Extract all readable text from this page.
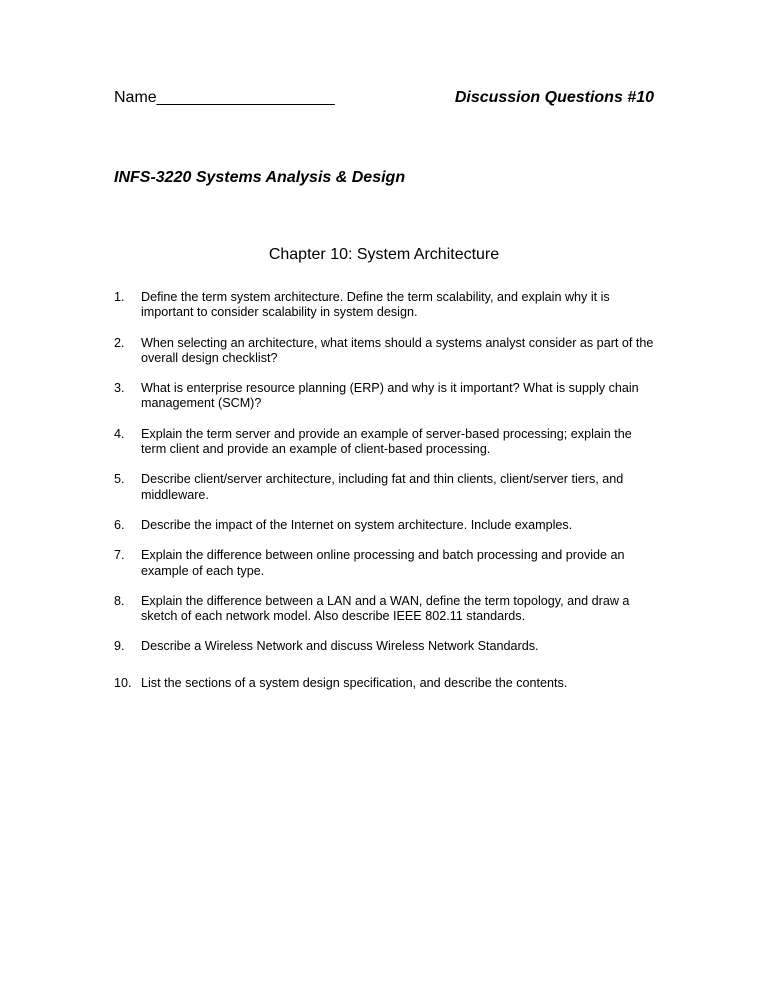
Name____________________	Discussion Questions #10
INFS-3220 Systems Analysis & Design
Chapter 10: System Architecture
1. Define the term system architecture. Define the term scalability, and explain why it is important to consider scalability in system design.
2. When selecting an architecture, what items should a systems analyst consider as part of the overall design checklist?
3. What is enterprise resource planning (ERP) and why is it important? What is supply chain management (SCM)?
4. Explain the term server and provide an example of server-based processing; explain the term client and provide an example of client-based processing.
5. Describe client/server architecture, including fat and thin clients, client/server tiers, and middleware.
6. Describe the impact of the Internet on system architecture. Include examples.
7. Explain the difference between online processing and batch processing and provide an example of each type.
8. Explain the difference between a LAN and a WAN, define the term topology, and draw a sketch of each network model. Also describe IEEE 802.11 standards.
9. Describe a Wireless Network and discuss Wireless Network Standards.
10. List the sections of a system design specification, and describe the contents.
